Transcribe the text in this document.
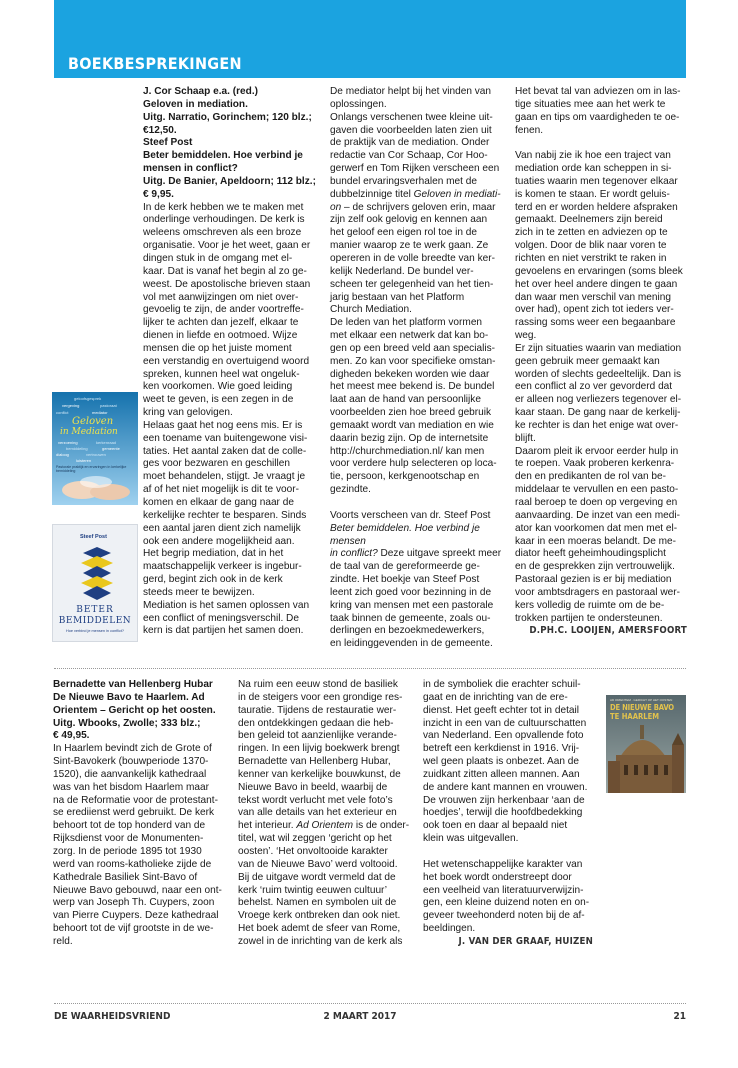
BOEKBESPREKINGEN

J. Cor Schaap e.a. (red.)

Geloven in mediation.

Uitg. Narratio, Gorinchem; 120 blz.;

€12,50.

Steef Post

Beter bemiddelen. Hoe verbind je

mensen in conflict?

Uitg. De Banier, Apeldoorn; 112 blz.;

€ 9,95.

In de kerk hebben we te maken met

onderlinge verhoudingen. De kerk is

weleens omschreven als een broze

organisatie. Voor je het weet, gaan er

dingen stuk in de omgang met el-

kaar. Dat is vanaf het begin al zo ge-

weest. De apostolische brieven staan

vol met aanwijzingen om niet over-

gevoelig te zijn, de ander voortreffe-

lijker te achten dan jezelf, elkaar te

dienen in liefde en ootmoed. Wijze

mensen die op het juiste moment

een verstandig en overtuigend woord

spreken, kunnen heel wat ongeluk-

ken voorkomen. Wie goed leiding

weet te geven, is een zegen in de

kring van gelovigen.

Helaas gaat het nog eens mis. Er is

een toename van buitengewone visi-

taties. Het aantal zaken dat de colle-

ges voor bezwaren en geschillen

moet behandelen, stijgt. Je vraagt je

af of het niet mogelijk is dit te voor-

komen en elkaar de gang naar de

kerkelijke rechter te besparen. Sinds

een aantal jaren dient zich namelijk

ook een andere mogelijkheid aan.

Het begrip mediation, dat in het

maatschappelijk verkeer is ingebur-

gerd, begint zich ook in de kerk

steeds meer te bewijzen.

Mediation is het samen oplossen van

een conflict of meningsverschil. De

kern is dat partijen het samen doen.

De mediator helpt bij het vinden van

oplossingen.

Onlangs verschenen twee kleine uit-

gaven die voorbeelden laten zien uit

de praktijk van de mediation. Onder

redactie van Cor Schaap, Cor Hoo-

gerwerf en Tom Rijken verscheen een

bundel ervaringsverhalen met de

dubbelzinnige titel Geloven in mediati-

on – de schrijvers geloven erin, maar

zijn zelf ook gelovig en kennen aan

het geloof een eigen rol toe in de

manier waarop ze te werk gaan. Ze

opereren in de volle breedte van ker-

kelijk Nederland. De bundel ver-

scheen ter gelegenheid van het tien-

jarig bestaan van het Platform

Church Mediation.

De leden van het platform vormen

met elkaar een netwerk dat kan bo-

gen op een breed veld aan specialis-

men. Zo kan voor specifieke omstan-

digheden bekeken worden wie daar

het meest mee bekend is. De bundel

laat aan de hand van persoonlijke

voorbeelden zien hoe breed gebruik

gemaakt wordt van mediation en wie

daarin bezig zijn. Op de internetsite

http://churchmediation.nl/ kan men

voor verdere hulp selecteren op loca-

tie, persoon, kerkgenootschap en

gezindte.

Voorts verscheen van dr. Steef Post

Beter bemiddelen. Hoe verbind je mensen

in conflict? Deze uitgave spreekt meer

de taal van de gereformeerde ge-

zindte. Het boekje van Steef Post

leent zich goed voor bezinning in de

kring van mensen met een pastorale

taak binnen de gemeente, zoals ou-

derlingen en bezoekmedewerkers,

en leidinggevenden in de gemeente.

Het bevat tal van adviezen om in las-

tige situaties mee aan het werk te

gaan en tips om vaardigheden te oe-

fenen.

Van nabij zie ik hoe een traject van

mediation orde kan scheppen in si-

tuaties waarin men tegenover elkaar

is komen te staan. Er wordt geluis-

terd en er worden heldere afspraken

gemaakt. Deelnemers zijn bereid

zich in te zetten en adviezen op te

volgen. Door de blik naar voren te

richten en niet verstrikt te raken in

gevoelens en ervaringen (soms bleek

het over heel andere dingen te gaan

dan waar men verschil van mening

over had), opent zich tot ieders ver-

rassing soms weer een begaanbare

weg.

Er zijn situaties waarin van mediation

geen gebruik meer gemaakt kan

worden of slechts gedeeltelijk. Dan is

een conflict al zo ver gevorderd dat

er alleen nog verliezers tegenover el-

kaar staan. De gang naar de kerkelij-

ke rechter is dan het enige wat over-

blijft.

Daarom pleit ik ervoor eerder hulp in

te roepen. Vaak proberen kerkenra-

den en predikanten de rol van be-

middelaar te vervullen en een pasto-

raal beroep te doen op vergeving en

aanvaarding. De inzet van een medi-

ator kan voorkomen dat men met el-

kaar in een moeras belandt. De me-

diator heeft geheimhoudingsplicht

en de gesprekken zijn vertrouwelijk.

Pastoraal gezien is er bij mediation

voor ambtsdragers en pastoraal wer-

kers volledig de ruimte om de be-

trokken partijen te ondersteunen.

D.PH.C. LOOIJEN, AMERSFOORT

geloofsgesprek
vergeving	pastoraat
conflict	mediator
Geloven
in Mediation
verzoening	kerkenraad
bemiddeling	gemeente
dialoog	vertrouwen
luisteren
Pastorale praktijk en ervaringen in kerkelijke bemiddeling
Steef Post
BETER
BEMIDDELEN
Hoe verbind je mensen in conflict?

Bernadette van Hellenberg Hubar

De Nieuwe Bavo te Haarlem. Ad

Orientem – Gericht op het oosten.

Uitg. Wbooks, Zwolle; 333 blz.;

€ 49,95.

In Haarlem bevindt zich de Grote of

Sint-Bavokerk (bouwperiode 1370-

1520), die aanvankelijk kathedraal

was van het bisdom Haarlem maar

na de Reformatie voor de protestant-

se erediienst werd gebruikt. De kerk

behoort tot de top honderd van de

Rijksdienst voor de Monumenten-

zorg. In de periode 1895 tot 1930

werd van rooms-katholieke zijde de

Kathedrale Basiliek Sint-Bavo of

Nieuwe Bavo gebouwd, naar een ont-

werp van Joseph Th. Cuypers, zoon

van Pierre Cuypers. Deze kathedraal

behoort tot de vijf grootste in de we-

reld.

Na ruim een eeuw stond de basiliek

in de steigers voor een grondige res-

tauratie. Tijdens de restauratie wer-

den ontdekkingen gedaan die heb-

ben geleid tot aanzienlijke verande-

ringen. In een lijvig boekwerk brengt

Bernadette van Hellenberg Hubar,

kenner van kerkelijke bouwkunst, de

Nieuwe Bavo in beeld, waarbij de

tekst wordt verlucht met vele foto’s

van alle details van het exterieur en

het interieur. Ad Orientem is de onder-

titel, wat wil zeggen ‘gericht op het

oosten’. ‘Het onvoltooide karakter

van de Nieuwe Bavo’ werd voltooid.

Bij de uitgave wordt vermeld dat de

kerk ‘ruim twintig eeuwen cultuur’

behelst. Namen en symbolen uit de

Vroege kerk ontbreken dan ook niet.

Het boek ademt de sfeer van Rome,

zowel in de inrichting van de kerk als

in de symboliek die erachter schuil-

gaat en de inrichting van de ere-

dienst. Het geeft echter tot in detail

inzicht in een van de cultuurschatten

van Nederland. Een opvallende foto

betreft een kerkdienst in 1916. Vrij-

wel geen plaats is onbezet. Aan de

zuidkant zitten alleen mannen. Aan

de andere kant mannen en vrouwen.

De vrouwen zijn herkenbaar ‘aan de

hoedjes’, terwijl die hoofdbedekking

ook toen en daar al bepaald niet

klein was uitgevallen.

Het wetenschappelijke karakter van

het boek wordt onderstreept door

een veelheid van literatuurverwijzin-

gen, een kleine duizend noten en on-

geveer tweehonderd noten bij de af-

beeldingen.

J. VAN DER GRAAF, HUIZEN

AD ORIENTEM · GERICHT OP HET OOSTEN
DE NIEUWE BAVO
TE HAARLEM
DE WAARHEIDSVRIEND	2 MAART 2017	21
